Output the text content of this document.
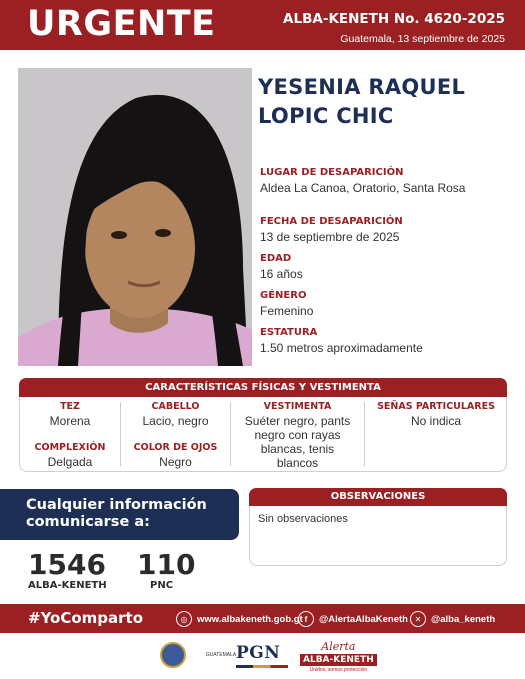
URGENTE	ALBA-KENETH No. 4620-2025
Guatemala, 13 septiembre de 2025
YESENIA RAQUEL
LOPIC CHIC
LUGAR DE DESAPARICIÓN
Aldea La Canoa, Oratorio, Santa Rosa
FECHA DE DESAPARICIÓN
13 de septiembre de 2025
EDAD
16 años
GÉNERO
Femenino
ESTATURA
1.50 metros aproximadamente
CARACTERÍSTICAS FÍSICAS Y VESTIMENTA
TEZ
Morena
COMPLEXIÓN
Delgada
CABELLO
Lacio, negro
COLOR DE OJOS
Negro
VESTIMENTA
Suéter negro, pants
negro con rayas
blancas, tenis
blancos
SEÑAS PARTICULARES
No indica
Cualquier información
comunicarse a:
1546
ALBA-KENETH
110
PNC
OBSERVACIONES
Sin observaciones
#YoComparto	◎	www.albakeneth.gob.gt f	@AlertaAlbaKeneth ✕	@alba_keneth
GUATEMALA PGN	Alerta
ALBA-KENETH
Unidos, somos protección
